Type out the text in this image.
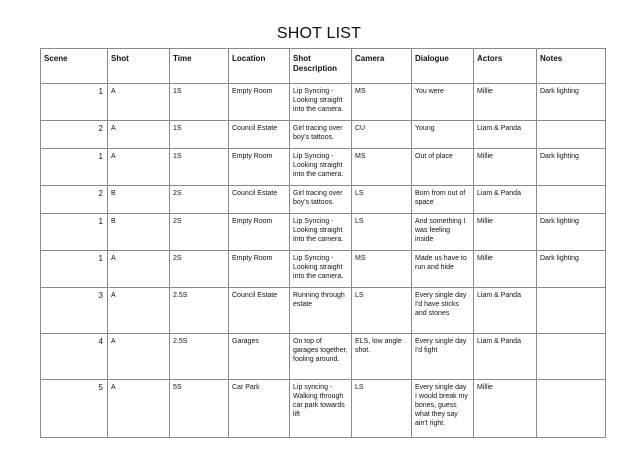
SHOT LIST
Scene	Shot	Time	Location	Shot Description	Camera	Dialogue	Actors	Notes
1	A	1S	Empty Room	Lip Syncing - Looking straight into the camera.	MS	You were	Millie	Dark lighting
2	A	1S	Council Estate	Girl tracing over boy's tattoos.	CU	Young	Liam & Panda	
1	A	1S	Empty Room	Lip Syncing - Looking straight into the camera.	MS	Out of place	Millie	Dark lighting
2	B	2S	Council Estate	Girl tracing over boy's tattoos.	LS	Born from out of space	Liam & Panda	
1	B	2S	Empty Room	Lip Syncing - Looking straight into the camera.	LS	And something I was feeling inside	Millie	Dark lighting
1	A	2S	Empty Room	Lip Syncing - Looking straight into the camera.	MS	Made us have to run and hide	Millie	Dark lighting
3	A	2.5S	Council Estate	Running through estate	LS	Every single day I'd have sticks and stones	Liam & Panda	
4	A	2.5S	Garages	On top of garages together, fooling around.	ELS, low angle shot.	Every single day I'd fight	Liam & Panda	
5	A	5S	Car Park	Lip syncing - Walking through car park towards lift	LS	Every single day I would break my bones, guess what they say ain't right.	Millie	
